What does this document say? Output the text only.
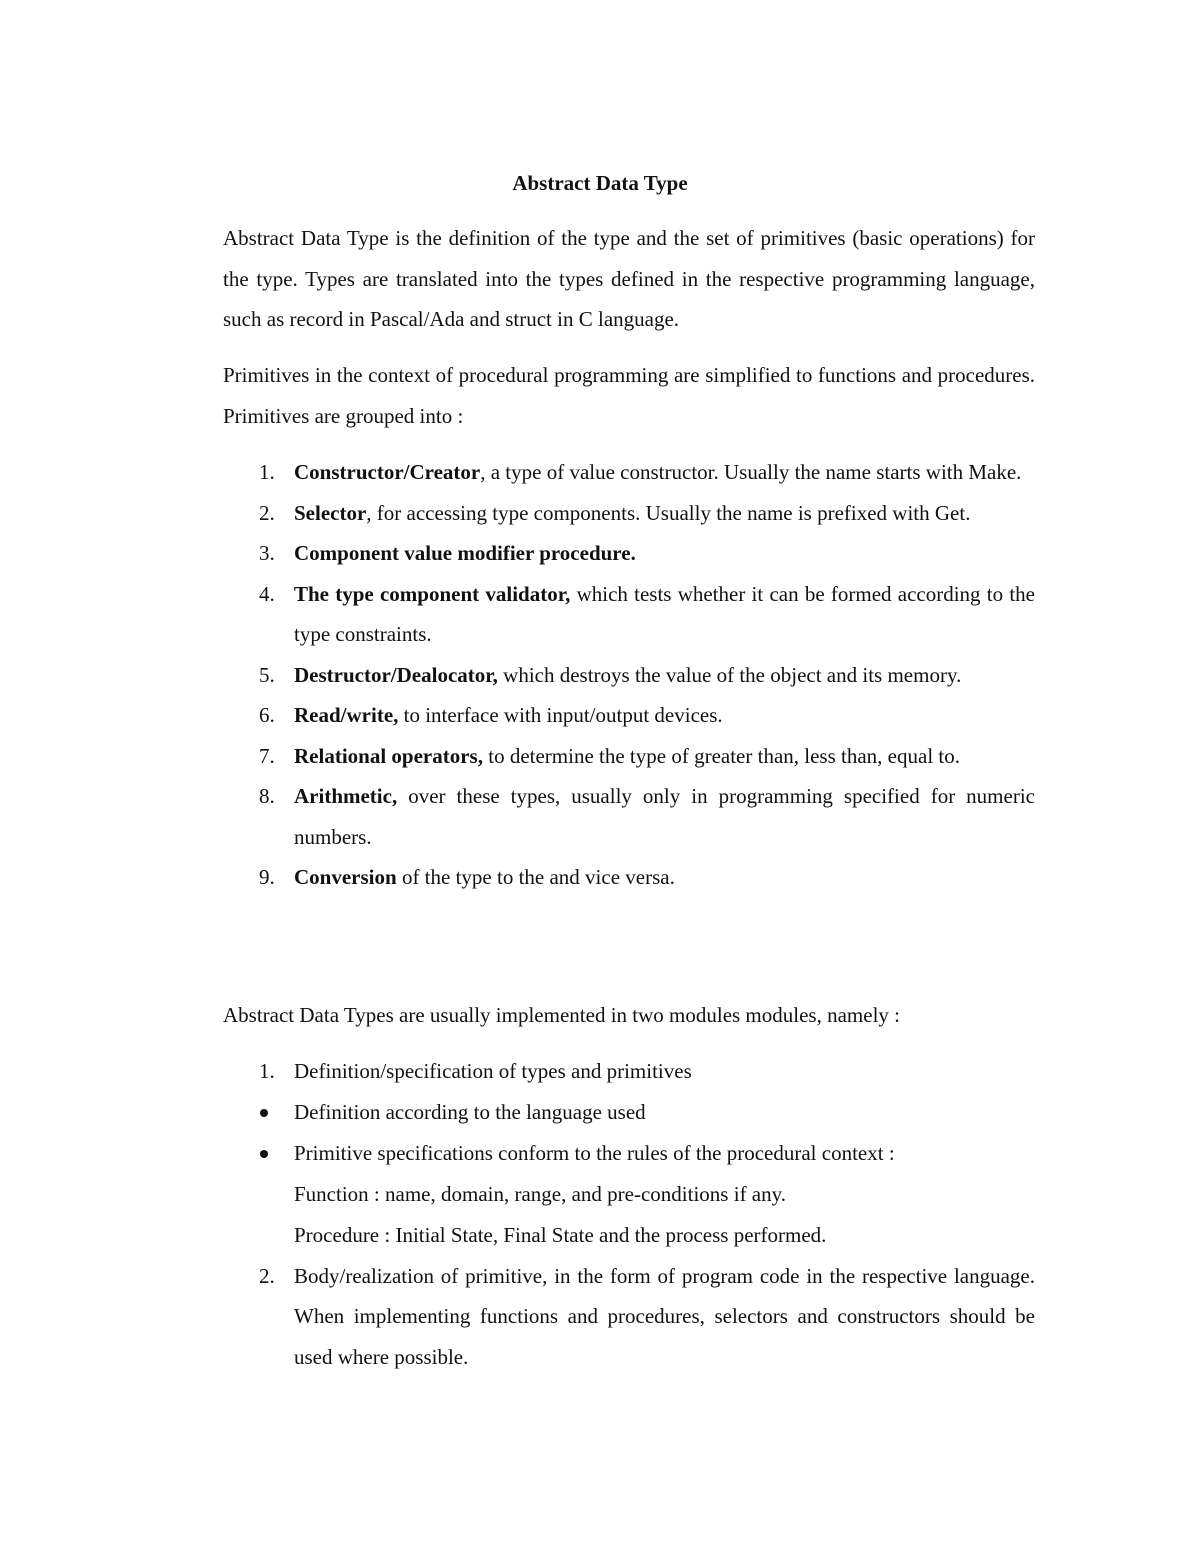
Abstract Data Type

Abstract Data Type is the definition of the type and the set of primitives (basic operations) for the type. Types are translated into the types defined in the respective programming language, such as record in Pascal/Ada and struct in C language.

Primitives in the context of procedural programming are simplified to functions and procedures. Primitives are grouped into :

1. Constructor/Creator, a type of value constructor. Usually the name starts with Make.
2. Selector, for accessing type components. Usually the name is prefixed with Get.
3. Component value modifier procedure.
4. The type component validator, which tests whether it can be formed according to the type constraints.
5. Destructor/Dealocator, which destroys the value of the object and its memory.
6. Read/write, to interface with input/output devices.
7. Relational operators, to determine the type of greater than, less than, equal to.
8. Arithmetic, over these types, usually only in programming specified for numeric numbers.
9. Conversion of the type to the and vice versa.

Abstract Data Types are usually implemented in two modules modules, namely :

1. Definition/specification of types and primitives
Definition according to the language used
Primitive specifications conform to the rules of the procedural context :
Function : name, domain, range, and pre-conditions if any.
Procedure : Initial State, Final State and the process performed.
2. Body/realization of primitive, in the form of program code in the respective language. When implementing functions and procedures, selectors and constructors should be used where possible.
